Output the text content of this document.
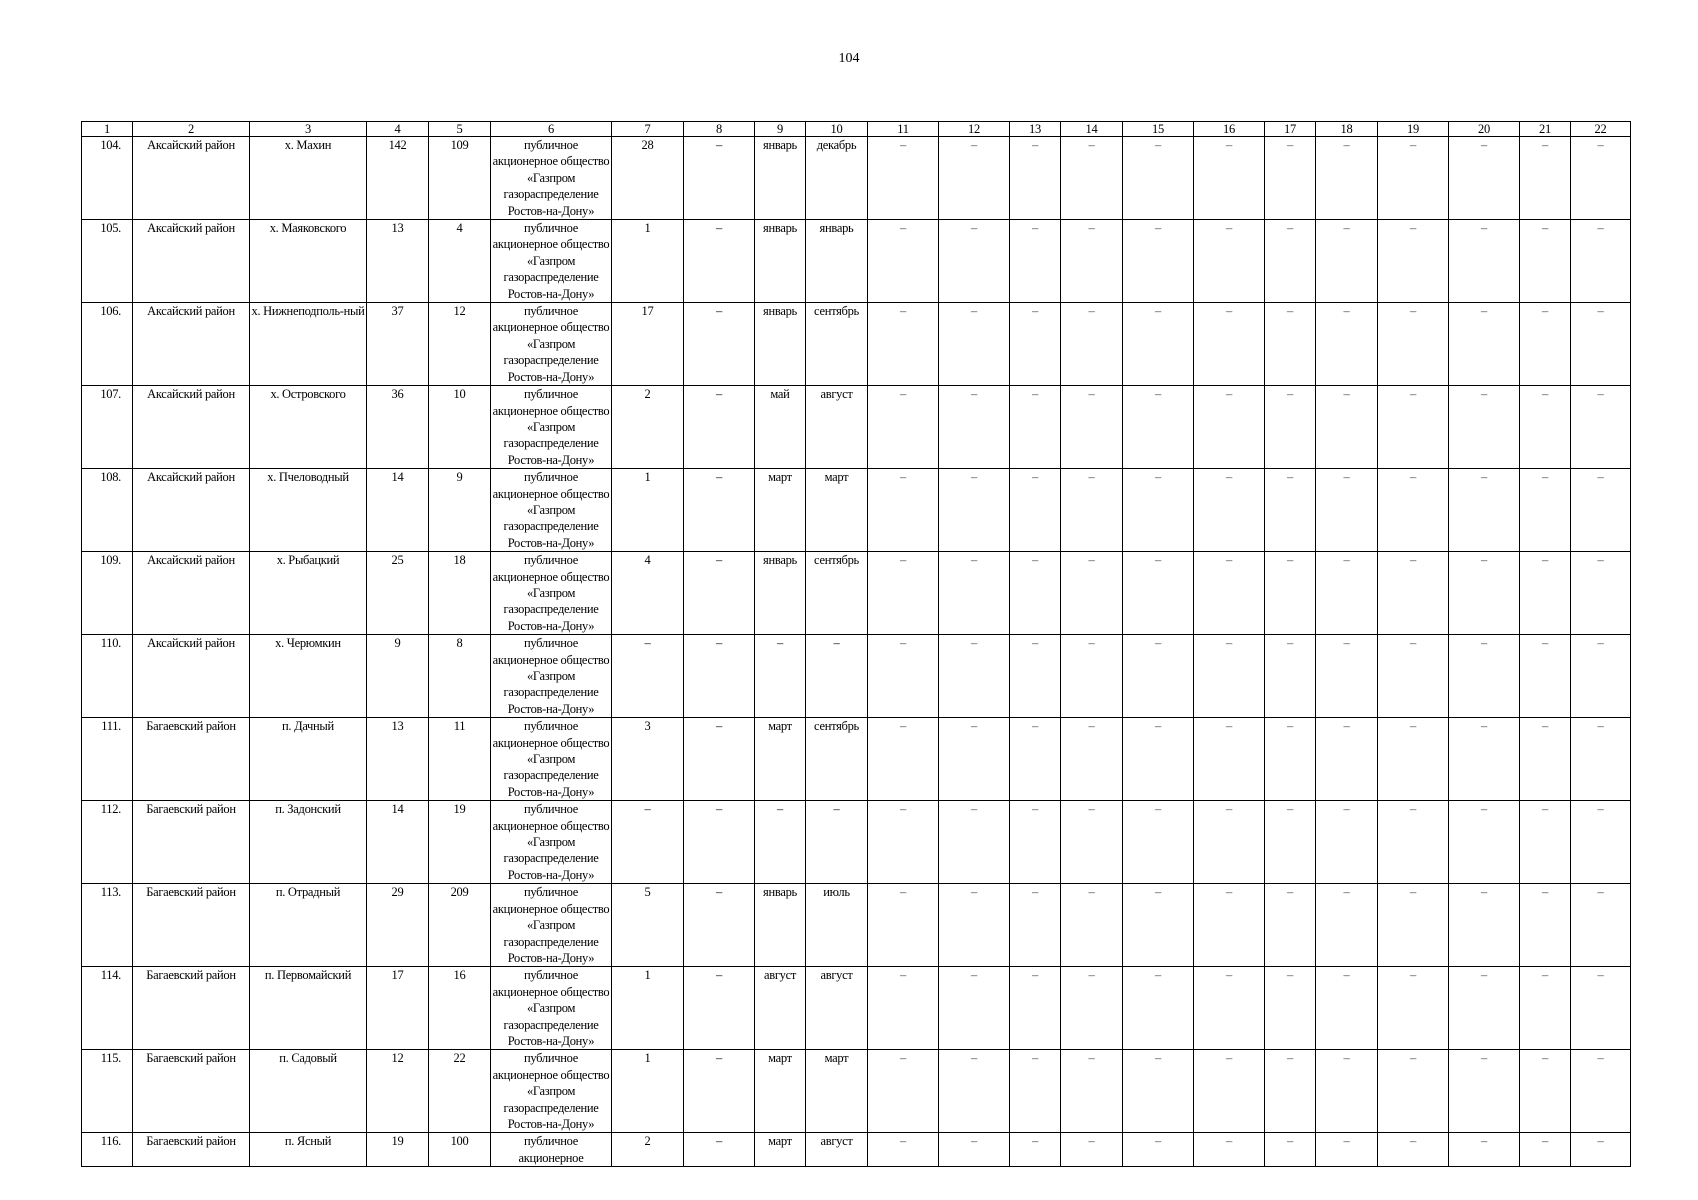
104
1	2	3	4	5	6	7	8	9	10	11	12	13	14	15	16	17	18	19	20	21	22
104.	Аксайский район	х. Махин	142	109	публичное акционерное общество «Газпром газораспределение Ростов-на-Дону»	28	–	январь	декабрь	–	–	–	–	–	–	–	–	–	–	–	–
105.	Аксайский район	х. Маяковского	13	4	публичное акционерное общество «Газпром газораспределение Ростов-на-Дону»	1	–	январь	январь	–	–	–	–	–	–	–	–	–	–	–	–
106.	Аксайский район	х. Нижнеподполь-ный	37	12	публичное акционерное общество «Газпром газораспределение Ростов-на-Дону»	17	–	январь	сентябрь	–	–	–	–	–	–	–	–	–	–	–	–
107.	Аксайский район	х. Островского	36	10	публичное акционерное общество «Газпром газораспределение Ростов-на-Дону»	2	–	май	август	–	–	–	–	–	–	–	–	–	–	–	–
108.	Аксайский район	х. Пчеловодный	14	9	публичное акционерное общество «Газпром газораспределение Ростов-на-Дону»	1	–	март	март	–	–	–	–	–	–	–	–	–	–	–	–
109.	Аксайский район	х. Рыбацкий	25	18	публичное акционерное общество «Газпром газораспределение Ростов-на-Дону»	4	–	январь	сентябрь	–	–	–	–	–	–	–	–	–	–	–	–
110.	Аксайский район	х. Черюмкин	9	8	публичное акционерное общество «Газпром газораспределение Ростов-на-Дону»	–	–	–	–	–	–	–	–	–	–	–	–	–	–	–	–
111.	Багаевский район	п. Дачный	13	11	публичное акционерное общество «Газпром газораспределение Ростов-на-Дону»	3	–	март	сентябрь	–	–	–	–	–	–	–	–	–	–	–	–
112.	Багаевский район	п. Задонский	14	19	публичное акционерное общество «Газпром газораспределение Ростов-на-Дону»	–	–	–	–	–	–	–	–	–	–	–	–	–	–	–	–
113.	Багаевский район	п. Отрадный	29	209	публичное акционерное общество «Газпром газораспределение Ростов-на-Дону»	5	–	январь	июль	–	–	–	–	–	–	–	–	–	–	–	–
114.	Багаевский район	п. Первомайский	17	16	публичное акционерное общество «Газпром газораспределение Ростов-на-Дону»	1	–	август	август	–	–	–	–	–	–	–	–	–	–	–	–
115.	Багаевский район	п. Садовый	12	22	публичное акционерное общество «Газпром газораспределение Ростов-на-Дону»	1	–	март	март	–	–	–	–	–	–	–	–	–	–	–	–
116.	Багаевский район	п. Ясный	19	100	публичное акционерное	2	–	март	август	–	–	–	–	–	–	–	–	–	–	–	–
